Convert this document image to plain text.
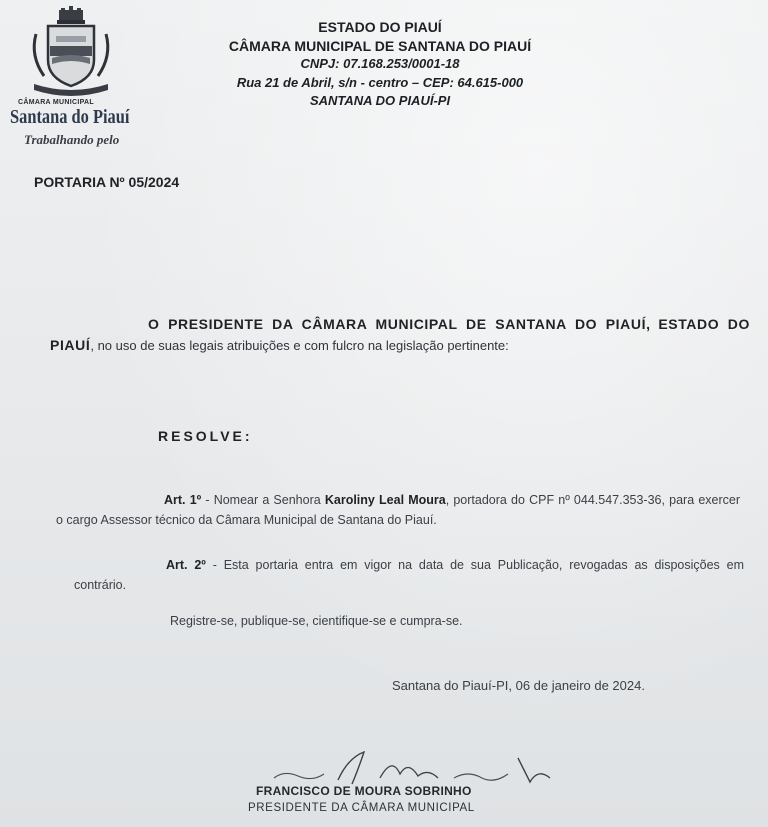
CÂMARA MUNICIPAL
Santana do Piauí
Trabalhando pelo
ESTADO DO PIAUÍ
CÂMARA MUNICIPAL DE SANTANA DO PIAUÍ
CNPJ: 07.168.253/0001-18
Rua 21 de Abril, s/n - centro – CEP: 64.615-000
SANTANA DO PIAUÍ-PI
PORTARIA Nº 05/2024
O PRESIDENTE DA CÂMARA MUNICIPAL DE SANTANA DO PIAUÍ, ESTADO DO PIAUÍ, no uso de suas legais atribuições e com fulcro na legislação pertinente:
RESOLVE:
Art. 1º - Nomear a Senhora Karoliny Leal Moura, portadora do CPF nº 044.547.353-36, para exercer o cargo Assessor técnico da Câmara Municipal de Santana do Piauí.
Art. 2º - Esta portaria entra em vigor na data de sua Publicação, revogadas as disposições em contrário.
Registre-se, publique-se, cientifique-se e cumpra-se.
Santana do Piauí-PI, 06 de janeiro de 2024.
FRANCISCO DE MOURA SOBRINHO
PRESIDENTE DA CÂMARA MUNICIPAL
